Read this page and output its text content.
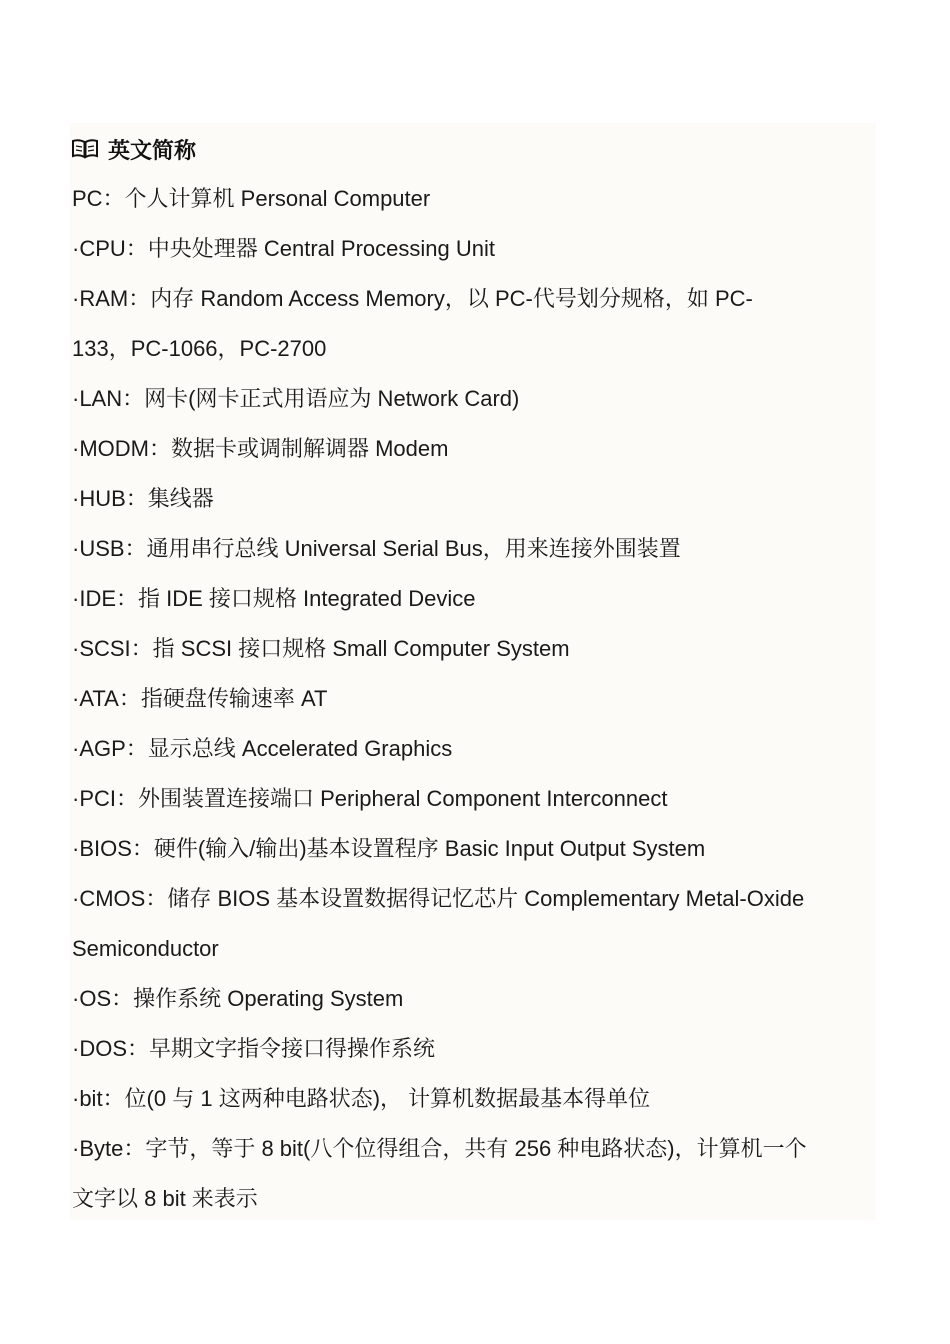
英文简称
PC：个人计算机 Personal Computer
·CPU：中央处理器 Central Processing Unit
·RAM：内存 Random Access Memory，以 PC-代号划分规格，如 PC-
133，PC-1066，PC-2700
·LAN：网卡(网卡正式用语应为 Network Card)
·MODM：数据卡或调制解调器 Modem
·HUB：集线器
·USB：通用串行总线 Universal Serial Bus，用来连接外围装置
·IDE：指 IDE 接口规格 Integrated Device
·SCSI：指 SCSI 接口规格 Small Computer System
·ATA：指硬盘传输速率 AT
·AGP：显示总线 Accelerated Graphics
·PCI：外围装置连接端口 Peripheral Component Interconnect
·BIOS：硬件(输入/输出)基本设置程序 Basic Input Output System
·CMOS：储存 BIOS 基本设置数据得记忆芯片 Complementary Metal-Oxide
Semiconductor
·OS：操作系统 Operating System
·DOS：早期文字指令接口得操作系统
·bit：位(0 与 1 这两种电路状态)， 计算机数据最基本得单位
·Byte：字节，等于 8 bit(八个位得组合，共有 256 种电路状态)，计算机一个
文字以 8 bit 来表示
